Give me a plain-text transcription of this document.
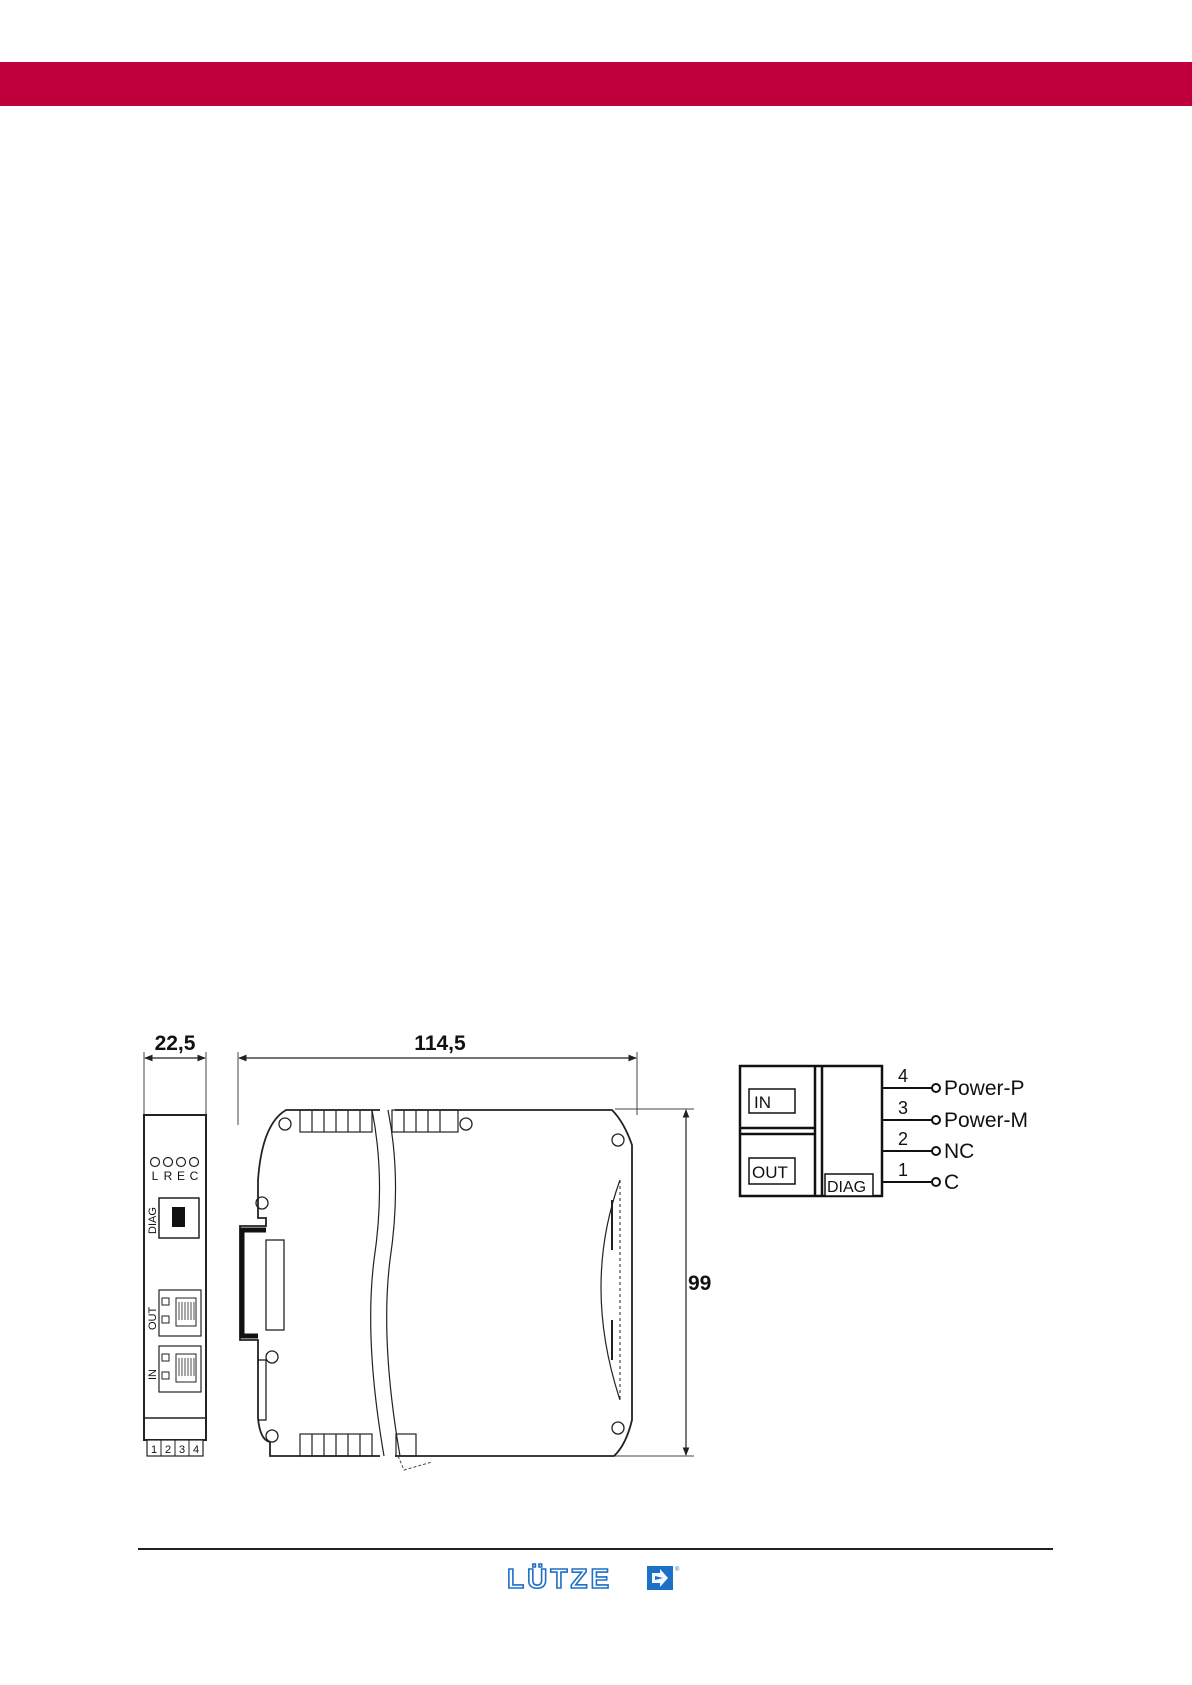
22,5
L R E C
DIAG
OUT
IN
1 2 3 4
114,5
99
IN
OUT
DIAG
4
Power-P
3
Power-M
2
NC
1
C
LÜTZE	®
